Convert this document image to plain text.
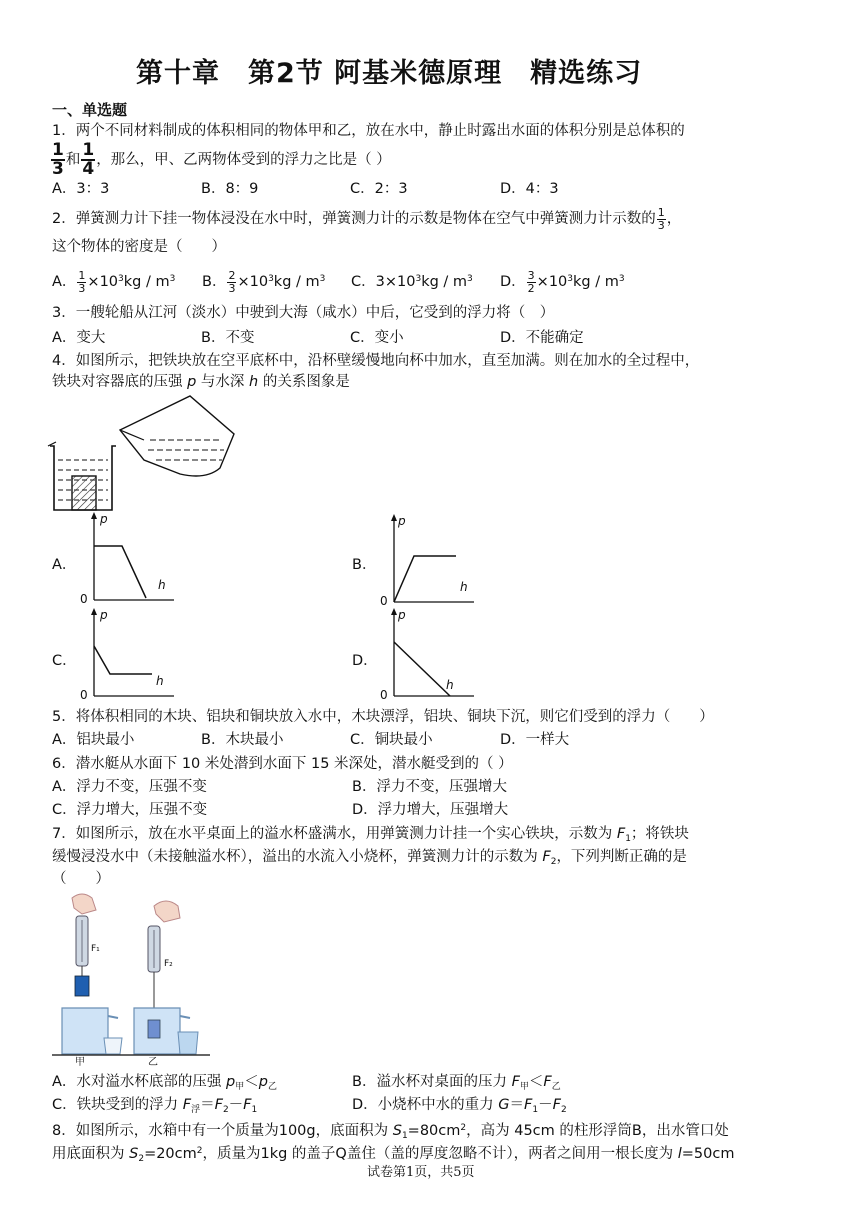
第十章　第2节 阿基米德原理　精选练习
一、单选题
1．两个不同材料制成的体积相同的物体甲和乙，放在水中，静止时露出水面的体积分别是总体积的
$\frac{1}{3}$ 和 $\frac{1}{4}$ ，那么，甲、乙两物体受到的浮力之比是（ ）
A．3：3	B．8：9	C．2：3	D．4：3
2．弹簧测力计下挂一物体浸没在水中时，弹簧测力计的示数是物体在空气中弹簧测力计示数的 $\frac{1}{3}$ ，
这个物体的密度是（　　）
A． $\frac{1}{3} \times 10^3kg / m^3$ B． $\frac{2}{3} \times 10^3kg / m^3$ C．$3\times 10^3kg / m^3$ D． $\frac{3}{2} \times 10^3kg / m^3$
3．一艘轮船从江河（淡水）中驶到大海（咸水）中后，它受到的浮力将（　）
A．变大	B．不变	C．变小	D．不能确定
4．如图所示，把铁块放在空平底杯中，沿杯壁缓慢地向杯中加水，直至加满。则在加水的全过程中，
铁块对容器底的压强 p 与水深 h 的关系图象是
A．
p
h
0
B．
p
h
0
C．
p
h
0
D．
p
h
0
5．将体积相同的木块、铝块和铜块放入水中，木块漂浮，铝块、铜块下沉，则它们受到的浮力（　　）
A．铝块最小	B．木块最小	C．铜块最小	D．一样大
6．潜水艇从水面下 10 米处潜到水面下 15 米深处，潜水艇受到的（ ）
A．浮力不变，压强不变	B．浮力不变，压强增大
C．浮力增大，压强不变	D．浮力增大，压强增大
7．如图所示，放在水平桌面上的溢水杯盛满水，用弹簧测力计挂一个实心铁块，示数为 $F_1$；将铁块
缓慢浸没水中（未接触溢水杯），溢出的水流入小烧杯，弹簧测力计的示数为 $F_2$，下列判断正确的是
（　　）
F₁
F₂
甲	乙
A．水对溢水杯底部的压强 $p_甲<p_乙$	B．溢水杯对桌面的压力 $F_甲<F_乙$
C．铁块受到的浮力 $F_浮=F_2-F_1$	D．小烧杯中水的重力 $G=F_1-F_2$
8．如图所示，水箱中有一个质量为100g，底面积为 $S_1=80cm^2$，高为 45cm 的柱形浮筒B，出水管口处
用底面积为 $S_2=20cm^2$，质量为1kg 的盖子Q盖住（盖的厚度忽略不计），两者之间用一根长度为 l=50cm
试卷第1页，共5页
